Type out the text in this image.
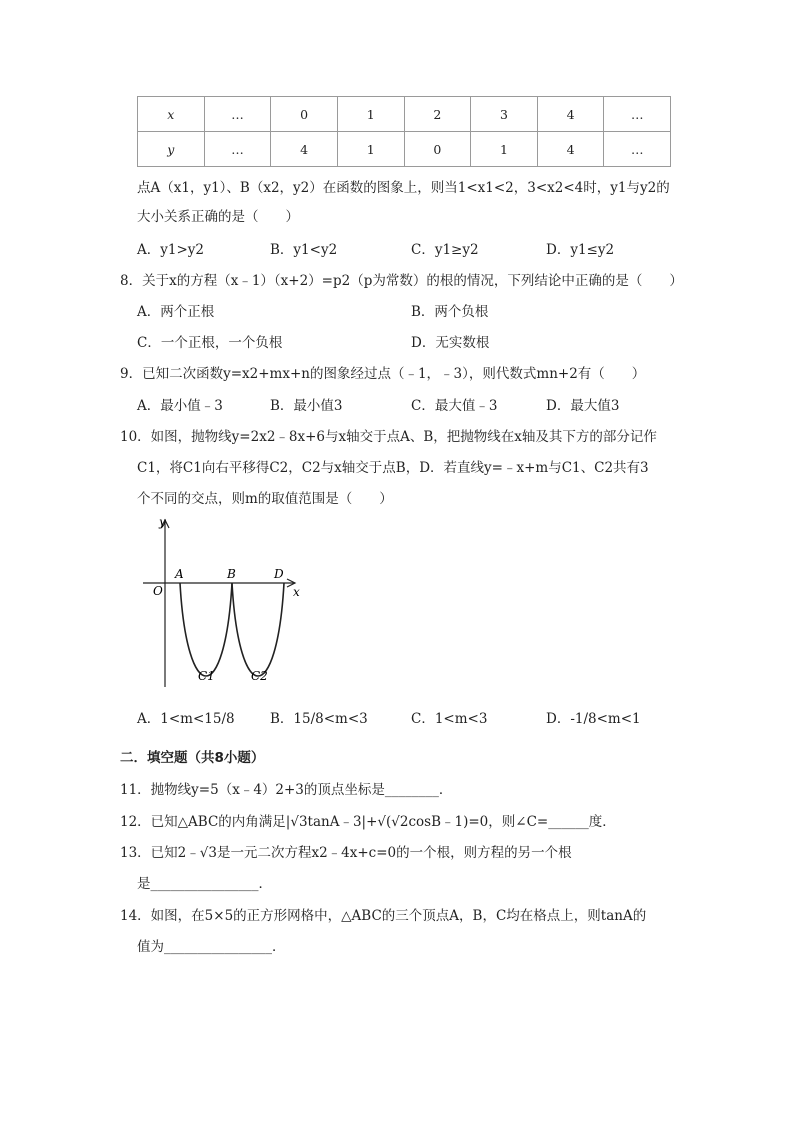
x	…	0	1	2	3	4	…
y	…	4	1	0	1	4	…
点A（x1，y1）、B（x2，y2）在函数的图象上，则当1<x1<2，3<x2<4时，y1与y2的
大小关系正确的是（　　）
A．y1>y2	B．y1<y2	C．y1≥y2	D．y1≤y2
8．关于x的方程（x﹣1）（x+2）=p2（p为常数）的根的情况，下列结论中正确的是（　　）
A．两个正根	B．两个负根
C．一个正根，一个负根	D．无实数根
9．已知二次函数y=x2+mx+n的图象经过点（﹣1，﹣3），则代数式mn+2有（　　）
A．最小值﹣3	B．最小值3	C．最大值﹣3	D．最大值3
10．如图，抛物线y=2x2﹣8x+6与x轴交于点A、B，把抛物线在x轴及其下方的部分记作
C1，将C1向右平移得C2，C2与x轴交于点B，D．若直线y=﹣x+m与C1、C2共有3
个不同的交点，则m的取值范围是（　　）
y
x
O
A	B	D
C1	C2
A．1<m<15/8	B．15/8<m<3	C．1<m<3	D．-1/8<m<1
二．填空题（共8小题）
11．抛物线y=5（x﹣4）2+3的顶点坐标是________．
12．已知△ABC的内角满足|√3tanA﹣3|+√(√2cosB﹣1)=0，则∠C=______度．
13．已知2﹣√3是一元二次方程x2﹣4x+c=0的一个根，则方程的另一个根
是________________．
14．如图，在5×5的正方形网格中，△ABC的三个顶点A，B，C均在格点上，则tanA的
值为________________．
